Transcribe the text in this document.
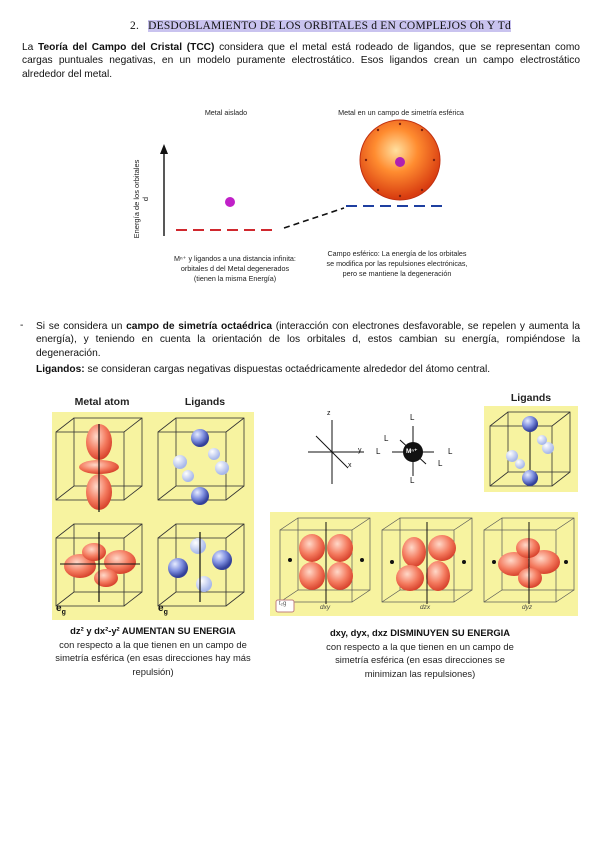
2. DESDOBLAMIENTO DE LOS ORBITALES d EN COMPLEJOS Oh Y Td
La Teoría del Campo del Cristal (TCC) considera que el metal está rodeado de ligandos, que se representan como cargas puntuales negativas, en un modelo puramente electrostático. Esos ligandos crean un campo electrostático alrededor del metal.
Metal aislado	Metal en un campo de simetría esférica
Energía de los orbitales d
Mⁿ⁺ y ligandos a una distancia infinita: orbitales d del Metal degenerados (tienen la misma Energía)
Campo esférico: La energía de los orbitales se modifica por las repulsiones electrónicas, pero se mantiene la degeneración
- Si se considera un campo de simetría octaédrica (interacción con electrones desfavorable, se repelen y aumenta la energía), y teniendo en cuenta la orientación de los orbitales d, estos cambian su energía, rompiéndose la degeneración.
Ligandos: se consideran cargas negativas dispuestas octaédricamente alrededor del átomo central.
Metal atom	Ligands
$e_g$	$e_g$
z
y
x
L
L
L	L
L
L
Mⁿ⁺
Ligands
t₂g	dxy	dzx	dyz
dz² y dx²-y² AUMENTAN SU ENERGIA
con respecto a la que tienen en un campo de simetría esférica (en esas direcciones hay más repulsión)
dxy, dyx, dxz DISMINUYEN SU ENERGIA
con respecto a la que tienen en un campo de simetría esférica (en esas direcciones se minimizan las repulsiones)
